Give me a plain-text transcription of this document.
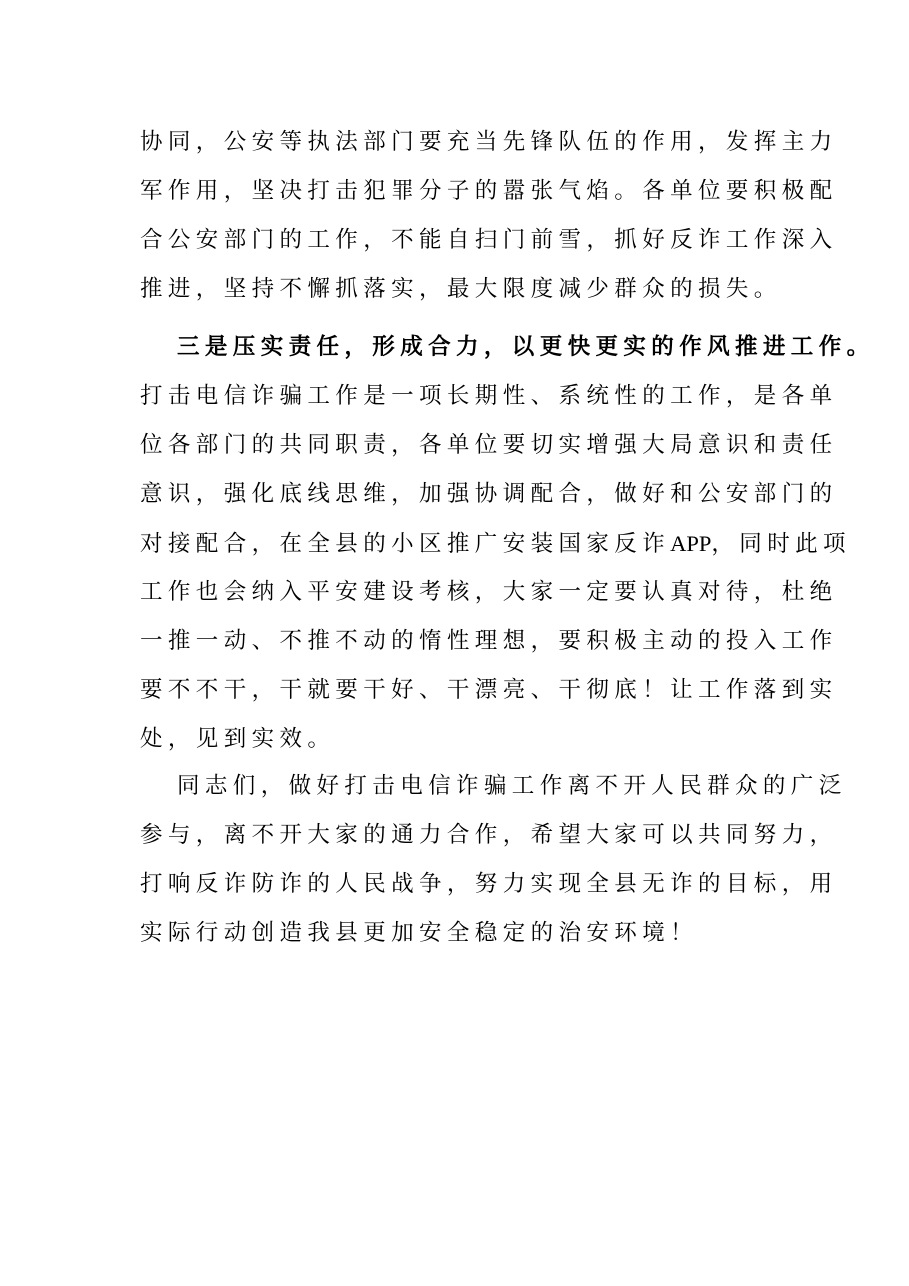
协同，公安等执法部门要充当先锋队伍的作用，发挥主力
军作用，坚决打击犯罪分子的嚣张气焰。各单位要积极配
合公安部门的工作，不能自扫门前雪，抓好反诈工作深入
推进，坚持不懈抓落实，最大限度减少群众的损失。

三是压实责任，形成合力，以更快更实的作风推进工作。
打击电信诈骗工作是一项长期性、系统性的工作，是各单
位各部门的共同职责，各单位要切实增强大局意识和责任
意识，强化底线思维，加强协调配合，做好和公安部门的
对接配合，在全县的小区推广安装国家反诈APP，同时此项
工作也会纳入平安建设考核，大家一定要认真对待，杜绝
一推一动、不推不动的惰性理想，要积极主动的投入工作
要不不干，干就要干好、干漂亮、干彻底！让工作落到实
处，见到实效。

同志们，做好打击电信诈骗工作离不开人民群众的广泛
参与，离不开大家的通力合作，希望大家可以共同努力，
打响反诈防诈的人民战争，努力实现全县无诈的目标，用
实际行动创造我县更加安全稳定的治安环境！
